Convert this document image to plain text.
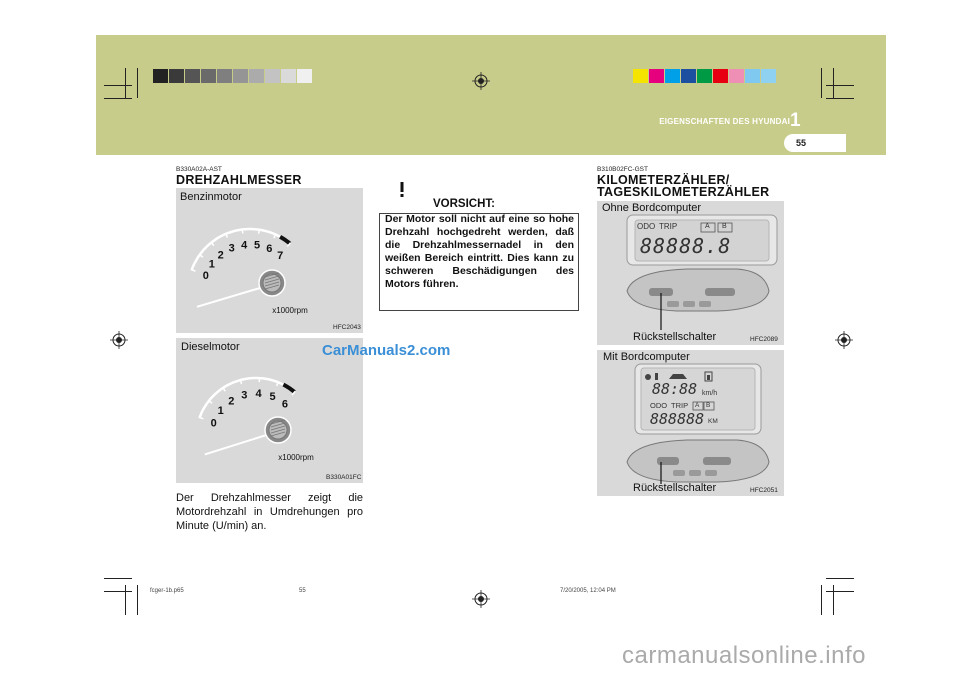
EIGENSCHAFTEN DES HYUNDAI 1
55
B330A02A-AST
DREHZAHLMESSER
Benzinmotor
0
1
2
3 4 5 6
7
x1000rpm
HFC2043
Dieselmotor
0
1
2 3 4 5
6
x1000rpm
B330A01FC
Der Drehzahlmesser zeigt die Motordrehzahl in Umdrehungen pro Minute (U/min) an.
VORSICHT:
Der Motor soll nicht auf eine so hohe Drehzahl hochgedreht werden, daß die Drehzahlmessernadel in den weißen Bereich eintritt. Dies kann zu schweren Beschädigungen des Motors führen.
CarManuals2.com
B310B02FC-GST
KILOMETERZÄHLER/
TAGESKILOMETERZÄHLER
Ohne Bordcomputer
ODO TRIP	A B
88888.8
Rückstellschalter	HFC2089
Mit Bordcomputer
88:88 km/h
ODO TRIP A B
888888 KM
Rückstellschalter	HFC2051
fcger-1b.p65	55	7/20/2005, 12:04 PM
carmanualsonline.info
